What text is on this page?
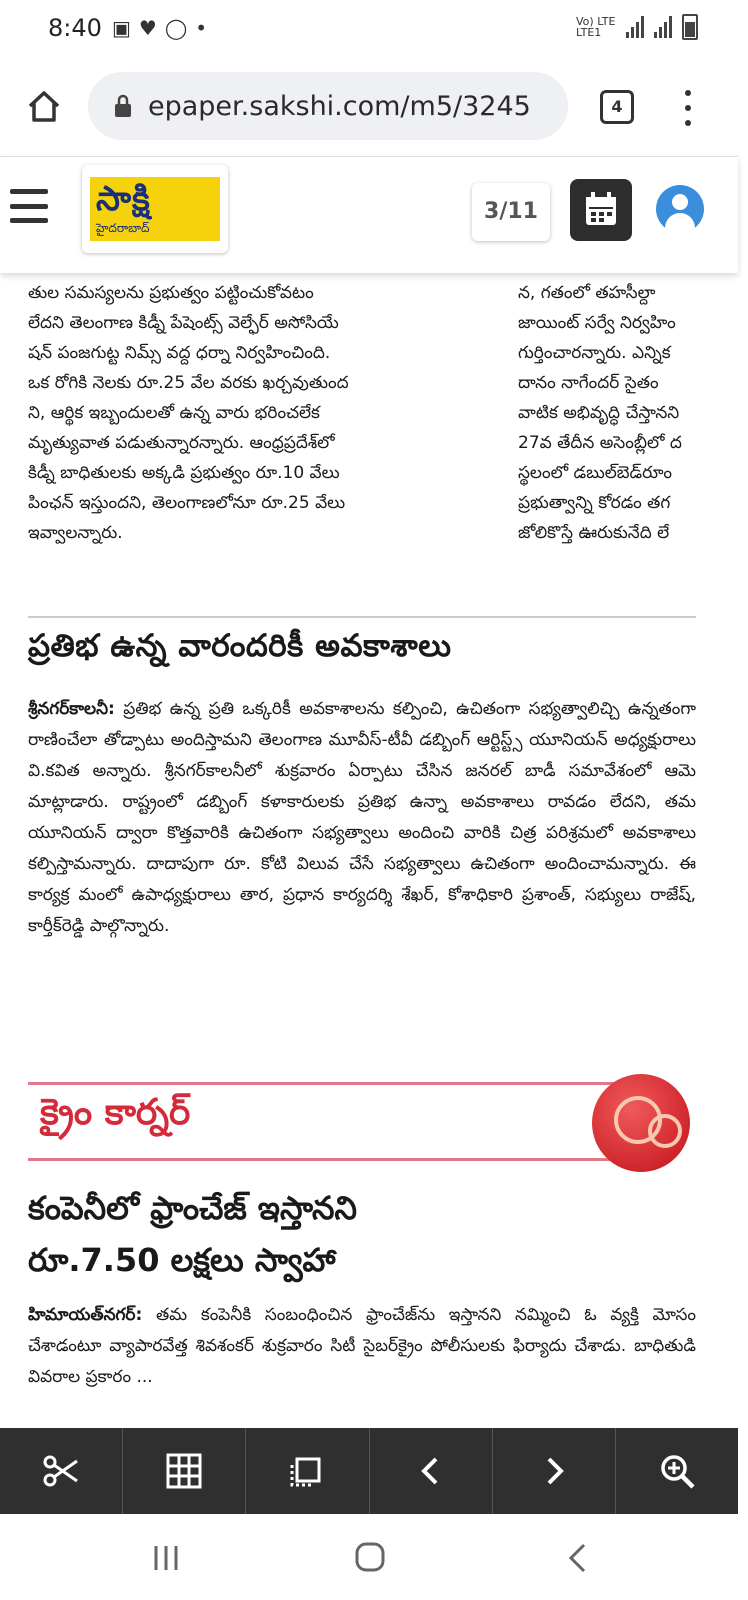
8:40 ▣ ♥ ◯ •	Vo) LTE LTE1
epaper.sakshi.com/m5/3245	4
సాక్షి
హైదరాబాద్
3/11
తుల సమస్యలను ప్రభుత్వం పట్టించుకోవటం
లేదని తెలంగాణ కిడ్నీ పేషెంట్స్ వెల్ఫేర్ అసోసియే
షన్ పంజగుట్ట నిమ్స్ వద్ద ధర్నా నిర్వహించింది.
ఒక రోగికి నెలకు రూ.25 వేల వరకు ఖర్చవుతుంద
ని, ఆర్థిక ఇబ్బందులతో ఉన్న వారు భరించలేక
మృత్యువాత పడుతున్నారన్నారు. ఆంధ్రప్రదేశ్‌లో
కిడ్నీ బాధితులకు అక్కడి ప్రభుత్వం రూ.10 వేలు
పింఛన్ ఇస్తుందని, తెలంగాణలోనూ రూ.25 వేలు
ఇవ్వాలన్నారు.
న, గతంలో తహసీల్దా
జాయింట్ సర్వే నిర్వహిం
గుర్తించారన్నారు. ఎన్నిక
దానం నాగేందర్ సైతం
వాటిక అభివృద్ధి చేస్తానని
27వ తేదీన అసెంబ్లీలో ద
స్థలంలో డబుల్‌బెడ్‌రూం
ప్రభుత్వాన్ని కోరడం తగ
జోలికొస్తే ఊరుకునేది లే
ప్రతిభ ఉన్న వారందరికీ అవకాశాలు

శ్రీనగర్‌కాలనీ: ప్రతిభ ఉన్న ప్రతి ఒక్కరికీ అవకాశాలను కల్పించి, ఉచితంగా సభ్యత్వాలిచ్చి ఉన్నతంగా రాణించేలా తోడ్పాటు అందిస్తామని తెలంగాణ మూవీస్-టీవీ డబ్బింగ్ ఆర్టిస్ట్స్ యూనియన్ అధ్యక్షురాలు వి.కవిత అన్నారు. శ్రీనగర్‌కాలనీలో శుక్రవారం ఏర్పాటు చేసిన జనరల్ బాడీ సమావేశంలో ఆమె మాట్లాడారు. రాష్ట్రంలో డబ్బింగ్ కళాకారులకు ప్రతిభ ఉన్నా అవకాశాలు రావడం లేదని, తమ యూనియన్ ద్వారా కొత్తవారికి ఉచితంగా సభ్యత్వాలు అందించి వారికి చిత్ర పరిశ్రమలో అవకాశాలు కల్పిస్తామన్నారు. దాదాపుగా రూ. కోటి విలువ చేసే సభ్యత్వాలు ఉచితంగా అందించామన్నారు. ఈ కార్యక్ర మంలో ఉపాధ్యక్షురాలు తార, ప్రధాన కార్యదర్శి శేఖర్, కోశాధికారి ప్రశాంత్, సభ్యులు రాజేష్, కార్తీక్‌రెడ్డి పాల్గొన్నారు.

క్రైం కార్నర్
కంపెనీలో ఫ్రాంచేజ్ ఇస్తానని
రూ.7.50 లక్షలు స్వాహా

హిమాయత్‌నగర్: తమ కంపెనీకి సంబంధించిన ఫ్రాంచేజ్‌ను ఇస్తానని నమ్మించి ఓ వ్యక్తి మోసం చేశాడంటూ వ్యాపారవేత్త శివశంకర్ శుక్రవారం సిటీ సైబర్‌క్రైం పోలీసులకు ఫిర్యాదు చేశాడు. బాధితుడి వివరాల ప్రకారం ...
